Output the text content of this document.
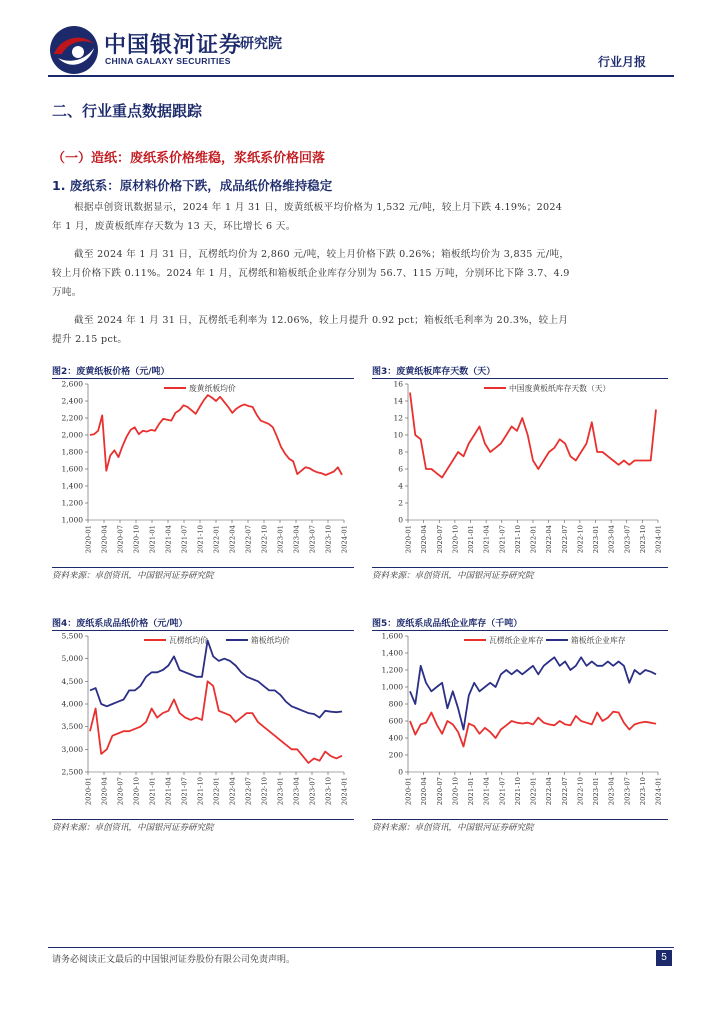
中国银河证券
CHINA GALAXY SECURITIES
研究院
行业月报
二、行业重点数据跟踪
（一）造纸：废纸系价格维稳，浆纸系价格回落
1. 废纸系：原材料价格下跌，成品纸价格维持稳定

根据卓创资讯数据显示，2024 年 1 月 31 日，废黄纸板平均价格为 1,532 元/吨，较上月下跌 4.19%；2024 年 1 月，废黄板纸库存天数为 13 天，环比增长 6 天。

截至 2024 年 1 月 31 日，瓦楞纸均价为 2,860 元/吨，较上月价格下跌 0.26%；箱板纸均价为 3,835 元/吨，较上月价格下跌 0.11%。2024 年 1 月，瓦楞纸和箱板纸企业库存分别为 56.7、115 万吨，分别环比下降 3.7、4.9 万吨。

截至 2024 年 1 月 31 日，瓦楞纸毛利率为 12.06%，较上月提升 0.92 pct；箱板纸毛利率为 20.3%，较上月提升 2.15 pct。

图2：废黄纸板价格（元/吨）
1,000
1,200
1,400
1,600
1,800
2,000
2,200
2,400
2,600
2020-01 2020-04 2020-07 2020-10 2021-01 2021-04 2021-07 2021-10 2022-01 2022-04 2022-07 2022-10 2023-01 2023-04 2023-07 2023-10 2024-01
废黄纸板均价
资料来源：卓创资讯，中国银河证券研究院
图3：废黄纸板库存天数（天）
0
2
4
6
8
10
12
14
16
2020-01 2020-04 2020-07 2020-10 2021-01 2021-04 2021-07 2021-10 2022-01 2022-04 2022-07 2022-10 2023-01 2023-04 2023-07 2023-10 2024-01
中国废黄板纸库存天数（天）
资料来源：卓创资讯，中国银河证券研究院
图4：废纸系成品纸价格（元/吨）
2,500
3,000
3,500
4,000
4,500
5,000
5,500
2020-01 2020-04 2020-07 2020-10 2021-01 2021-04 2021-07 2021-10 2022-01 2022-04 2022-07 2022-10 2023-01 2023-04 2023-07 2023-10 2024-01
瓦楞纸均价	箱板纸均价
资料来源：卓创资讯，中国银河证券研究院
图5：废纸系成品纸企业库存（千吨）
0
200
400
600
800
1,000
1,200
1,400
1,600
2020-01 2020-04 2020-07 2020-10 2021-01 2021-04 2021-07 2021-10 2022-01 2022-04 2022-07 2022-10 2023-01 2023-04 2023-07 2023-10 2024-01
瓦楞纸企业库存	箱板纸企业库存
资料来源：卓创资讯，中国银河证券研究院
请务必阅读正文最后的中国银河证券股份有限公司免责声明。	5
